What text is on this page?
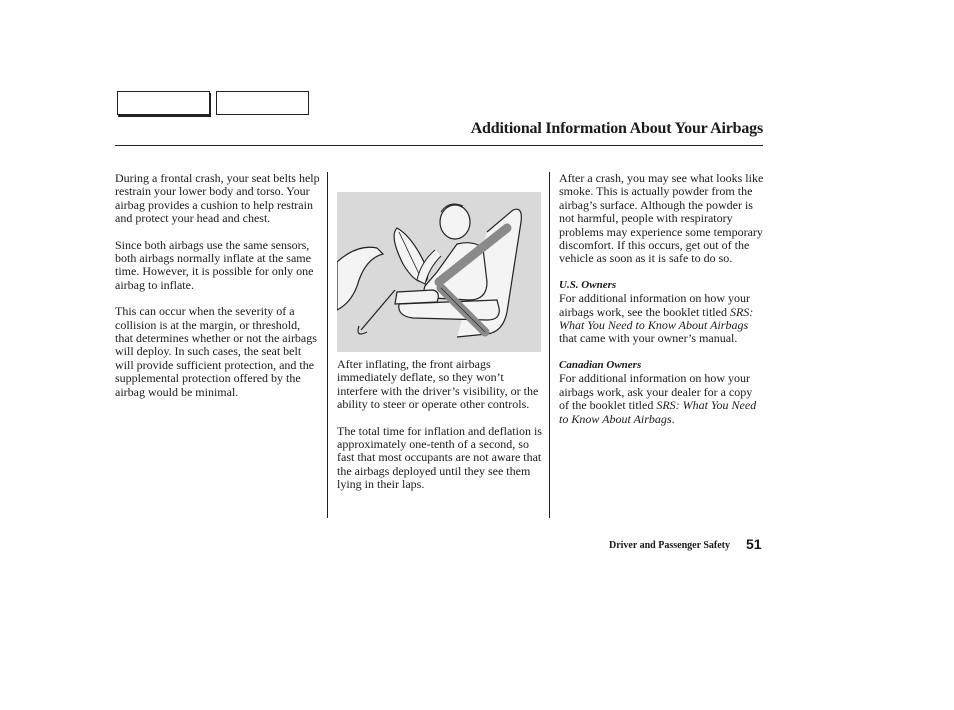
Additional Information About Your Airbags

During a frontal crash, your seat belts help restrain your lower body and torso. Your airbag provides a cushion to help restrain and protect your head and chest.

Since both airbags use the same sensors, both airbags normally inflate at the same time. However, it is possible for only one airbag to inflate.

This can occur when the severity of a collision is at the margin, or threshold, that determines whether or not the airbags will deploy. In such cases, the seat belt will provide sufficient protection, and the supplemental protection offered by the airbag would be minimal.

After inflating, the front airbags immediately deflate, so they won’t interfere with the driver’s visibility, or the ability to steer or operate other controls.

The total time for inflation and deflation is approximately one-tenth of a second, so fast that most occupants are not aware that the airbags deployed until they see them lying in their laps.

After a crash, you may see what looks like smoke. This is actually powder from the airbag’s surface. Although the powder is not harmful, people with respiratory problems may experience some temporary discomfort. If this occurs, get out of the vehicle as soon as it is safe to do so.

U.S. Owners

For additional information on how your airbags work, see the booklet titled SRS: What You Need to Know About Airbags that came with your owner’s manual.

Canadian Owners

For additional information on how your airbags work, ask your dealer for a copy of the booklet titled SRS: What You Need to Know About Airbags.

Driver and Passenger Safety 51
